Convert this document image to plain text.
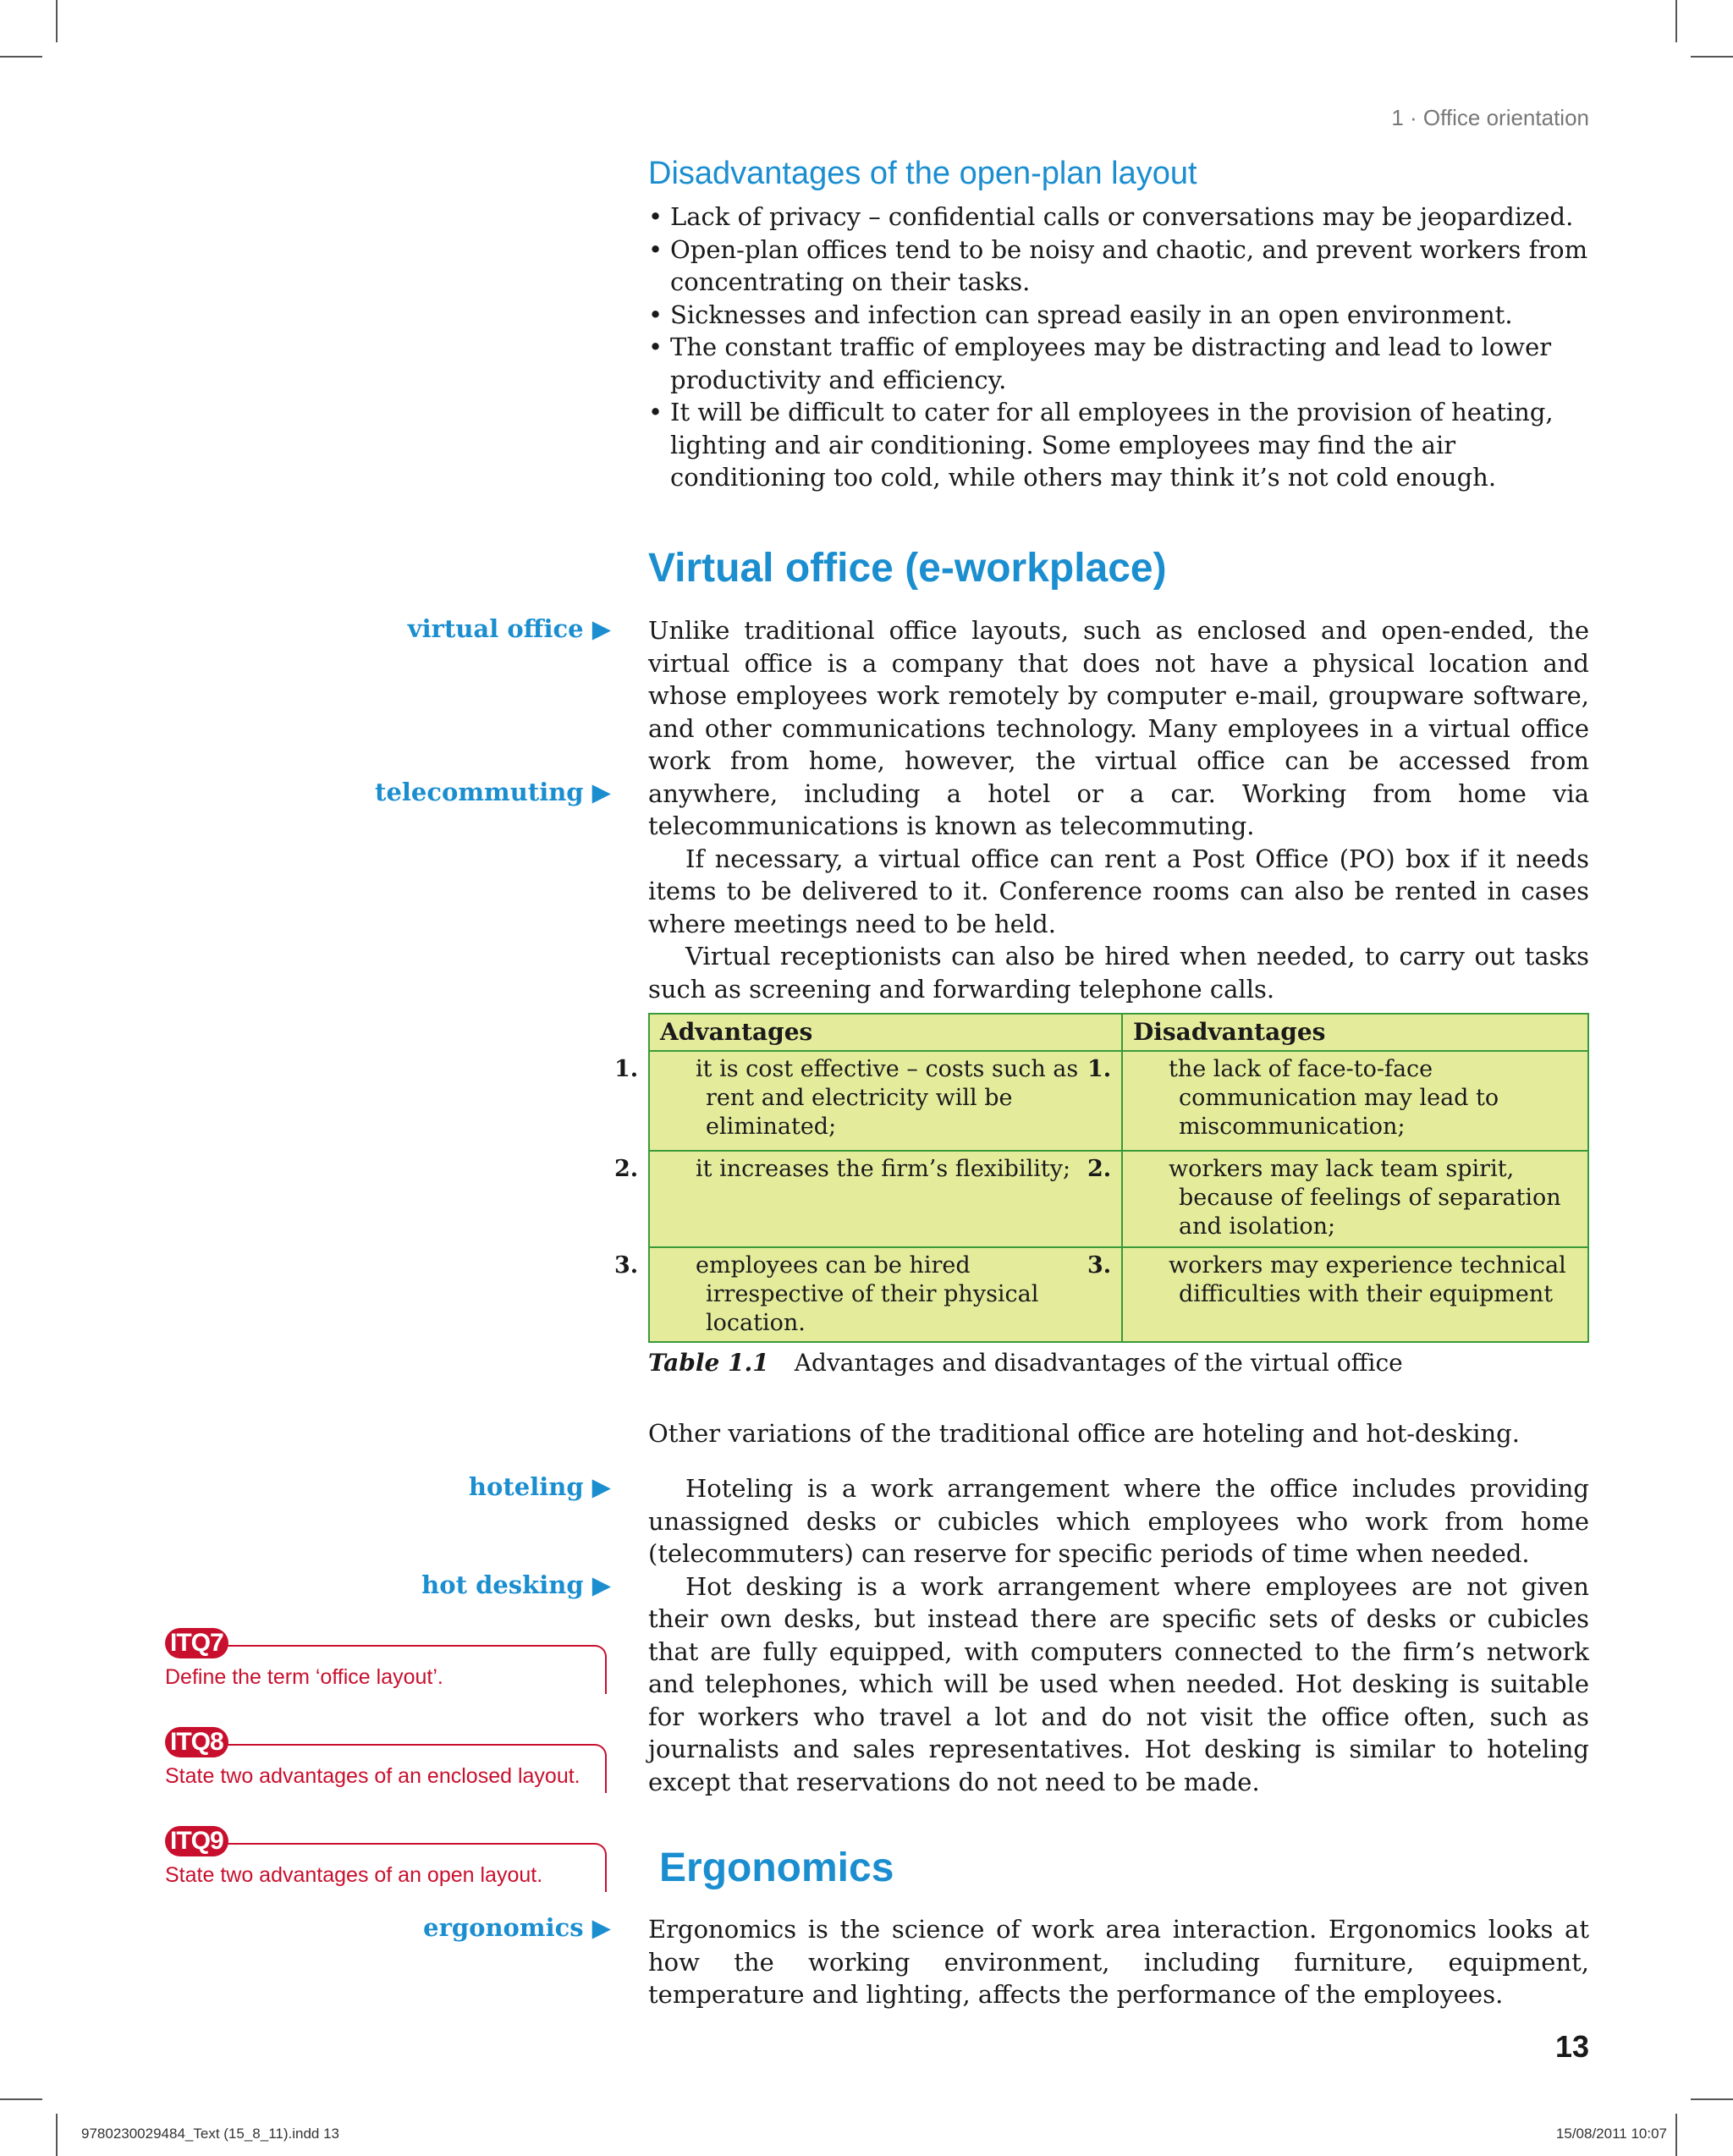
1 · Office orientation
Disadvantages of the open-plan layout
• Lack of privacy – confidential calls or conversations may be jeopardized.
• Open-plan offices tend to be noisy and chaotic, and prevent workers from concentrating on their tasks.
• Sicknesses and infection can spread easily in an open environment.
• The constant traffic of employees may be distracting and lead to lower productivity and efficiency.
• It will be difficult to cater for all employees in the provision of heating, lighting and air conditioning. Some employees may find the air conditioning too cold, while others may think it’s not cold enough.
Virtual office (e-workplace)
virtual office ▶
telecommuting ▶

Unlike traditional office layouts, such as enclosed and open-ended, the virtual office is a company that does not have a physical location and whose employees work remotely by computer e-mail, groupware software, and other communications technology. Many employees in a virtual office work from home, however, the virtual office can be accessed from anywhere, including a hotel or a car. Working from home via telecommunications is known as telecommuting.

If necessary, a virtual office can rent a Post Office (PO) box if it needs items to be delivered to it. Conference rooms can also be rented in cases where meetings need to be held.

Virtual receptionists can also be hired when needed, to carry out tasks such as screening and forwarding telephone calls.

Advantages	Disadvantages

1. it is cost effective – costs such as rent and electricity will be eliminated;	1. the lack of face-to-face communication may lead to miscommunication;

2. it increases the firm’s flexibility;	2. workers may lack team spirit, because of feelings of separation and isolation;

3. employees can be hired irrespective of their physical location.	3. workers may experience technical difficulties with their equipment
Table 1.1 Advantages and disadvantages of the virtual office

Other variations of the traditional office are hoteling and hot-desking.

hoteling ▶
hot desking ▶

Hoteling is a work arrangement where the office includes providing unassigned desks or cubicles which employees who work from home (telecommuters) can reserve for specific periods of time when needed.

Hot desking is a work arrangement where employees are not given their own desks, but instead there are specific sets of desks or cubicles that are fully equipped, with computers connected to the firm’s network and telephones, which will be used when needed. Hot desking is suitable for workers who travel a lot and do not visit the office often, such as journalists and sales representatives. Hot desking is similar to hoteling except that reservations do not need to be made.

ITQ7
Define the term ‘office layout’.
ITQ8
State two advantages of an enclosed layout.
ITQ9
State two advantages of an open layout.	Ergonomics
ergonomics ▶ Ergonomics is the science of work area interaction. Ergonomics looks at how the working environment, including furniture, equipment, temperature and lighting, affects the performance of the employees.

13
9780230029484_Text (15_8_11).indd 13	15/08/2011 10:07
